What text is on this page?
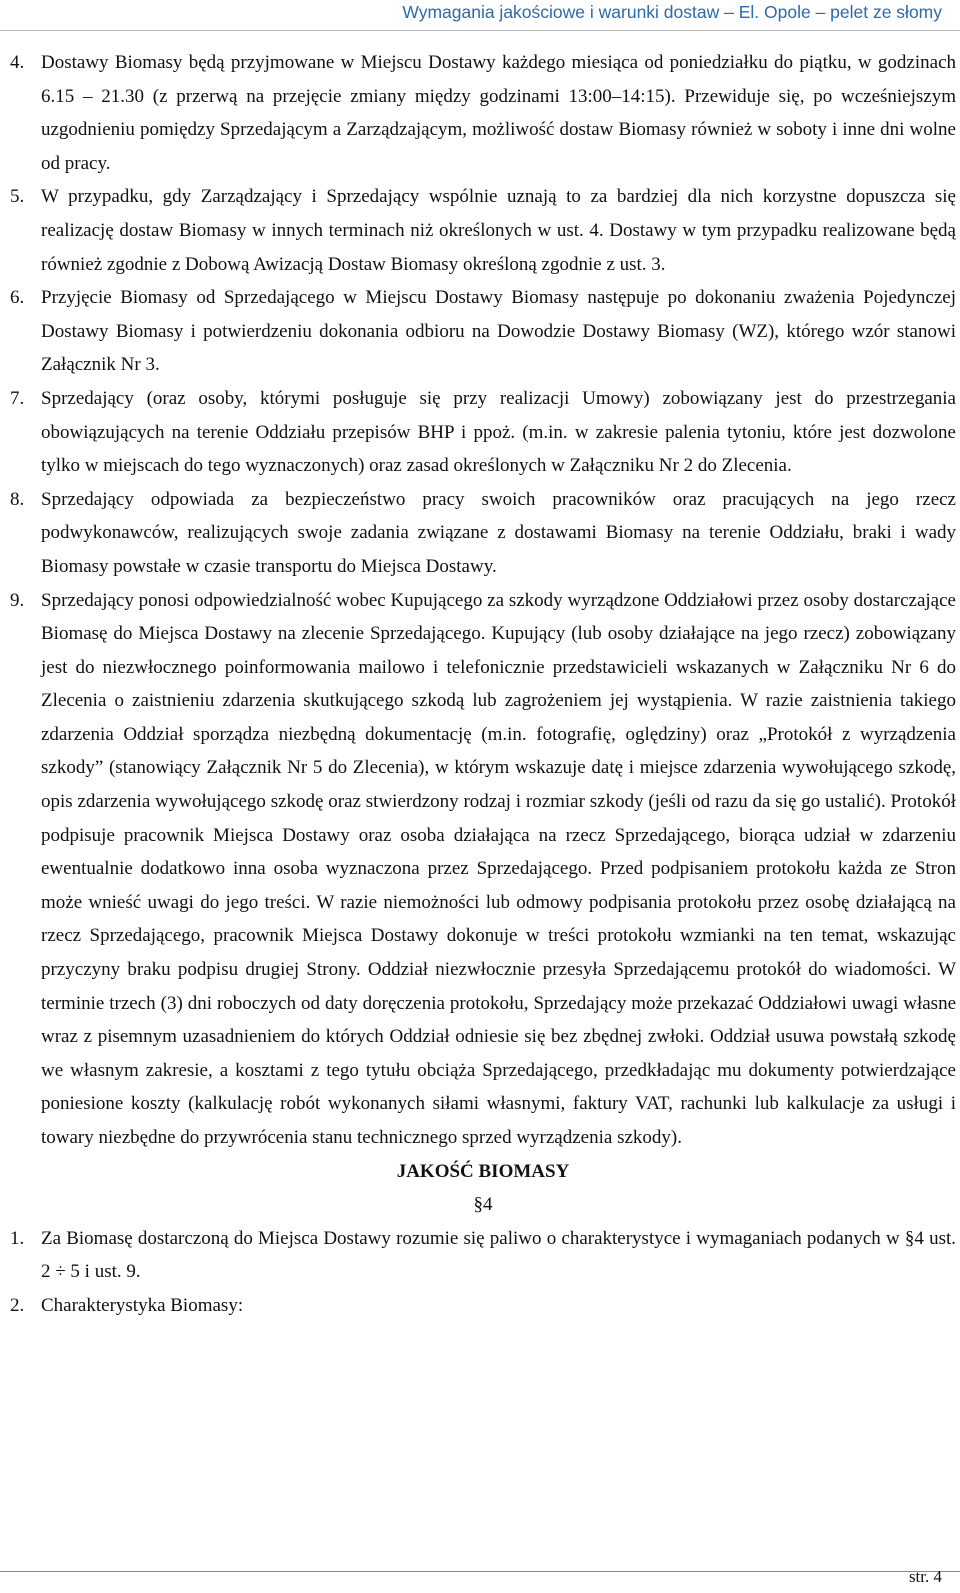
Wymagania jakościowe i warunki dostaw – El. Opole – pelet ze słomy
4. Dostawy Biomasy będą przyjmowane w Miejscu Dostawy każdego miesiąca od poniedziałku do piątku, w godzinach 6.15 – 21.30 (z przerwą na przejęcie zmiany między godzinami 13:00–14:15). Przewiduje się, po wcześniejszym uzgodnieniu pomiędzy Sprzedającym a Zarządzającym, możliwość dostaw Biomasy również w soboty i inne dni wolne od pracy.

5. W przypadku, gdy Zarządzający i Sprzedający wspólnie uznają to za bardziej dla nich korzystne dopuszcza się realizację dostaw Biomasy w innych terminach niż określonych w ust. 4. Dostawy w tym przypadku realizowane będą również zgodnie z Dobową Awizacją Dostaw Biomasy określoną zgodnie z ust. 3.

6. Przyjęcie Biomasy od Sprzedającego w Miejscu Dostawy Biomasy następuje po dokonaniu zważenia Pojedynczej Dostawy Biomasy i potwierdzeniu dokonania odbioru na Dowodzie Dostawy Biomasy (WZ), którego wzór stanowi Załącznik Nr 3.

7. Sprzedający (oraz osoby, którymi posługuje się przy realizacji Umowy) zobowiązany jest do przestrzegania obowiązujących na terenie Oddziału przepisów BHP i ppoż. (m.in. w zakresie palenia tytoniu, które jest dozwolone tylko w miejscach do tego wyznaczonych) oraz zasad określonych w Załączniku Nr 2 do Zlecenia.

8. Sprzedający odpowiada za bezpieczeństwo pracy swoich pracowników oraz pracujących na jego rzecz podwykonawców, realizujących swoje zadania związane z dostawami Biomasy na terenie Oddziału, braki i wady Biomasy powstałe w czasie transportu do Miejsca Dostawy.

9. Sprzedający ponosi odpowiedzialność wobec Kupującego za szkody wyrządzone Oddziałowi przez osoby dostarczające Biomasę do Miejsca Dostawy na zlecenie Sprzedającego. Kupujący (lub osoby działające na jego rzecz) zobowiązany jest do niezwłocznego poinformowania mailowo i telefonicznie przedstawicieli wskazanych w Załączniku Nr 6 do Zlecenia o zaistnieniu zdarzenia skutkującego szkodą lub zagrożeniem jej wystąpienia. W razie zaistnienia takiego zdarzenia Oddział sporządza niezbędną dokumentację (m.in. fotografię, oględziny) oraz „Protokół z wyrządzenia szkody” (stanowiący Załącznik Nr 5 do Zlecenia), w którym wskazuje datę i miejsce zdarzenia wywołującego szkodę, opis zdarzenia wywołującego szkodę oraz stwierdzony rodzaj i rozmiar szkody (jeśli od razu da się go ustalić). Protokół podpisuje pracownik Miejsca Dostawy oraz osoba działająca na rzecz Sprzedającego, biorąca udział w zdarzeniu ewentualnie dodatkowo inna osoba wyznaczona przez Sprzedającego. Przed podpisaniem protokołu każda ze Stron może wnieść uwagi do jego treści. W razie niemożności lub odmowy podpisania protokołu przez osobę działającą na rzecz Sprzedającego, pracownik Miejsca Dostawy dokonuje w treści protokołu wzmianki na ten temat, wskazując przyczyny braku podpisu drugiej Strony. Oddział niezwłocznie przesyła Sprzedającemu protokół do wiadomości. W terminie trzech (3) dni roboczych od daty doręczenia protokołu, Sprzedający może przekazać Oddziałowi uwagi własne wraz z pisemnym uzasadnieniem do których Oddział odniesie się bez zbędnej zwłoki. Oddział usuwa powstałą szkodę we własnym zakresie, a kosztami z tego tytułu obciąża Sprzedającego, przedkładając mu dokumenty potwierdzające poniesione koszty (kalkulację robót wykonanych siłami własnymi, faktury VAT, rachunki lub kalkulacje za usługi i towary niezbędne do przywrócenia stanu technicznego sprzed wyrządzenia szkody).

JAKOŚĆ BIOMASY

§4

1. Za Biomasę dostarczoną do Miejsca Dostawy rozumie się paliwo o charakterystyce i wymaganiach podanych w §4 ust. 2 ÷ 5 i ust. 9.

2. Charakterystyka Biomasy:

str. 4
